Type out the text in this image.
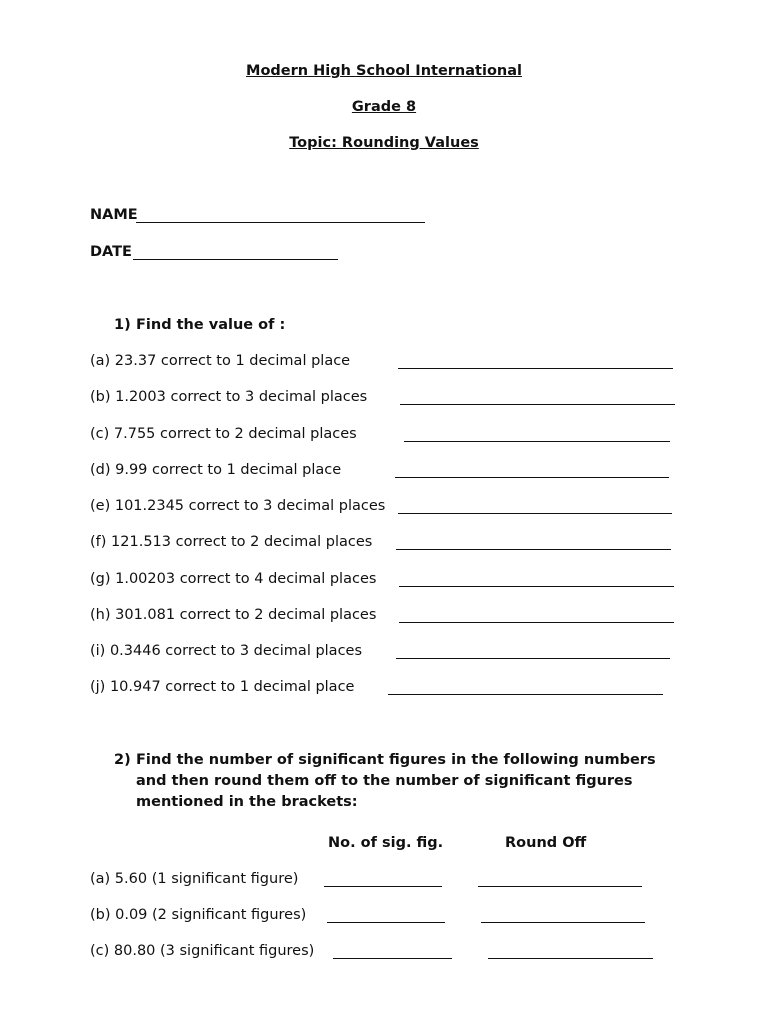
Modern High School International
Grade 8
Topic: Rounding Values
NAME
DATE
1) Find the value of :
(a) 23.37 correct to 1 decimal place
(b) 1.2003 correct to 3 decimal places
(c) 7.755 correct to 2 decimal places
(d) 9.99 correct to 1 decimal place
(e) 101.2345 correct to 3 decimal places
(f) 121.513 correct to 2 decimal places
(g) 1.00203 correct to 4 decimal places
(h) 301.081 correct to 2 decimal places
(i) 0.3446 correct to 3 decimal places
(j) 10.947 correct to 1 decimal place
2) Find the number of significant figures in the following numbers
and then round them off to the number of significant figures
mentioned in the brackets:
No. of sig. fig.	Round Off
(a) 5.60 (1 significant figure)
(b) 0.09 (2 significant figures)
(c) 80.80 (3 significant figures)
